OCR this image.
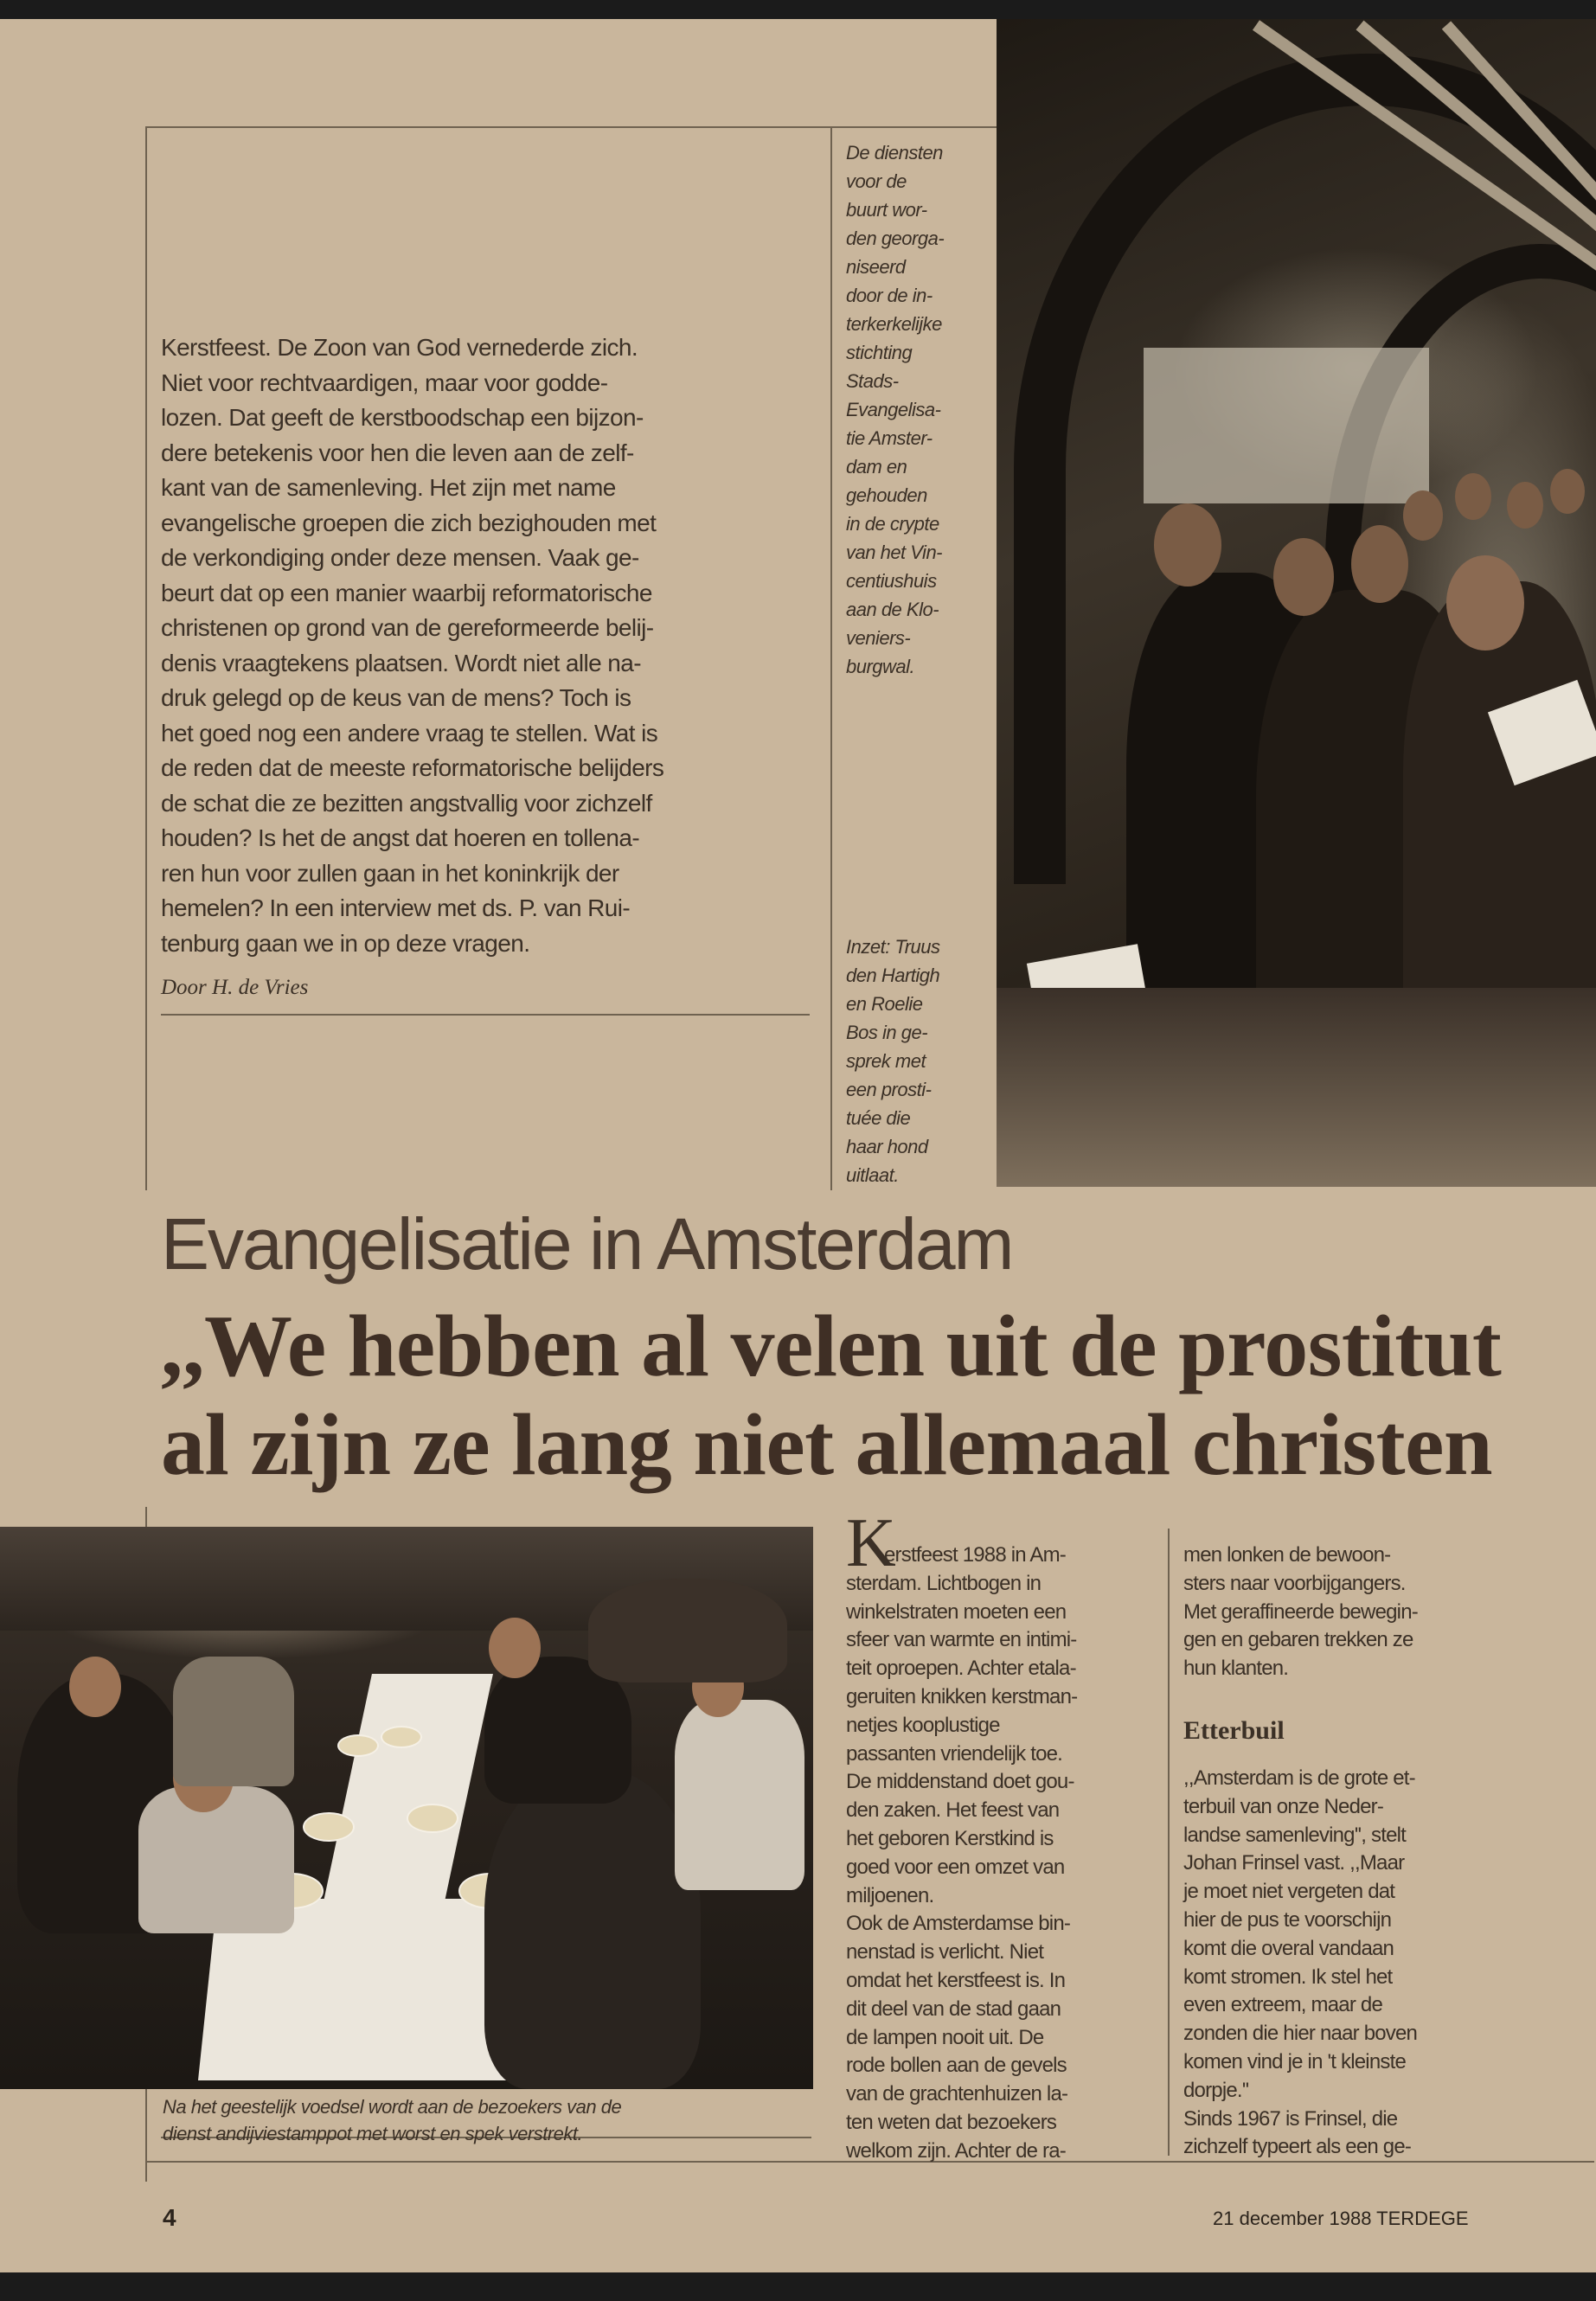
Kerstfeest. De Zoon van God vernederde zich.
Niet voor rechtvaardigen, maar voor godde-
lozen. Dat geeft de kerstboodschap een bijzon-
dere betekenis voor hen die leven aan de zelf-
kant van de samenleving. Het zijn met name
evangelische groepen die zich bezighouden met
de verkondiging onder deze mensen. Vaak ge-
beurt dat op een manier waarbij reformatorische
christenen op grond van de gereformeerde belij-
denis vraagtekens plaatsen. Wordt niet alle na-
druk gelegd op de keus van de mens? Toch is
het goed nog een andere vraag te stellen. Wat is
de reden dat de meeste reformatorische belijders
de schat die ze bezitten angstvallig voor zichzelf
houden? Is het de angst dat hoeren en tollena-
ren hun voor zullen gaan in het koninkrijk der
hemelen? In een interview met ds. P. van Rui-
tenburg gaan we in op deze vragen.
Door H. de Vries
De diensten
voor de
buurt wor-
den georga-
niseerd
door de in-
terkerkelijke
stichting
Stads-
Evangelisa-
tie Amster-
dam en
gehouden
in de crypte
van het Vin-
centiushuis
aan de Klo-
veniers-
burgwal.
Inzet: Truus
den Hartigh
en Roelie
Bos in ge-
sprek met
een prosti-
tuée die
haar hond
uitlaat.
Evangelisatie in Amsterdam
,,We hebben al velen uit de prostitut
al zijn ze lang niet allemaal christen
Na het geestelijk voedsel wordt aan de bezoekers van de
dienst andijviestamppot met worst en spek verstrekt.
K
erstfeest 1988 in Am-
sterdam. Lichtbogen in
winkelstraten moeten een
sfeer van warmte en intimi-
teit oproepen. Achter etala-
geruiten knikken kerstman-
netjes kooplustige
passanten vriendelijk toe.
De middenstand doet gou-
den zaken. Het feest van
het geboren Kerstkind is
goed voor een omzet van
miljoenen.
Ook de Amsterdamse bin-
nenstad is verlicht. Niet
omdat het kerstfeest is. In
dit deel van de stad gaan
de lampen nooit uit. De
rode bollen aan de gevels
van de grachtenhuizen la-
ten weten dat bezoekers
welkom zijn. Achter de ra-
men lonken de bewoon-
sters naar voorbijgangers.
Met geraffineerde bewegin-
gen en gebaren trekken ze
hun klanten.
Etterbuil
,,Amsterdam is de grote et-
terbuil van onze Neder-
landse samenleving'', stelt
Johan Frinsel vast. ,,Maar
je moet niet vergeten dat
hier de pus te voorschijn
komt die overal vandaan
komt stromen. Ik stel het
even extreem, maar de
zonden die hier naar boven
komen vind je in 't kleinste
dorpje.''
Sinds 1967 is Frinsel, die
zichzelf typeert als een ge-
4	21 december 1988 TERDEGE
